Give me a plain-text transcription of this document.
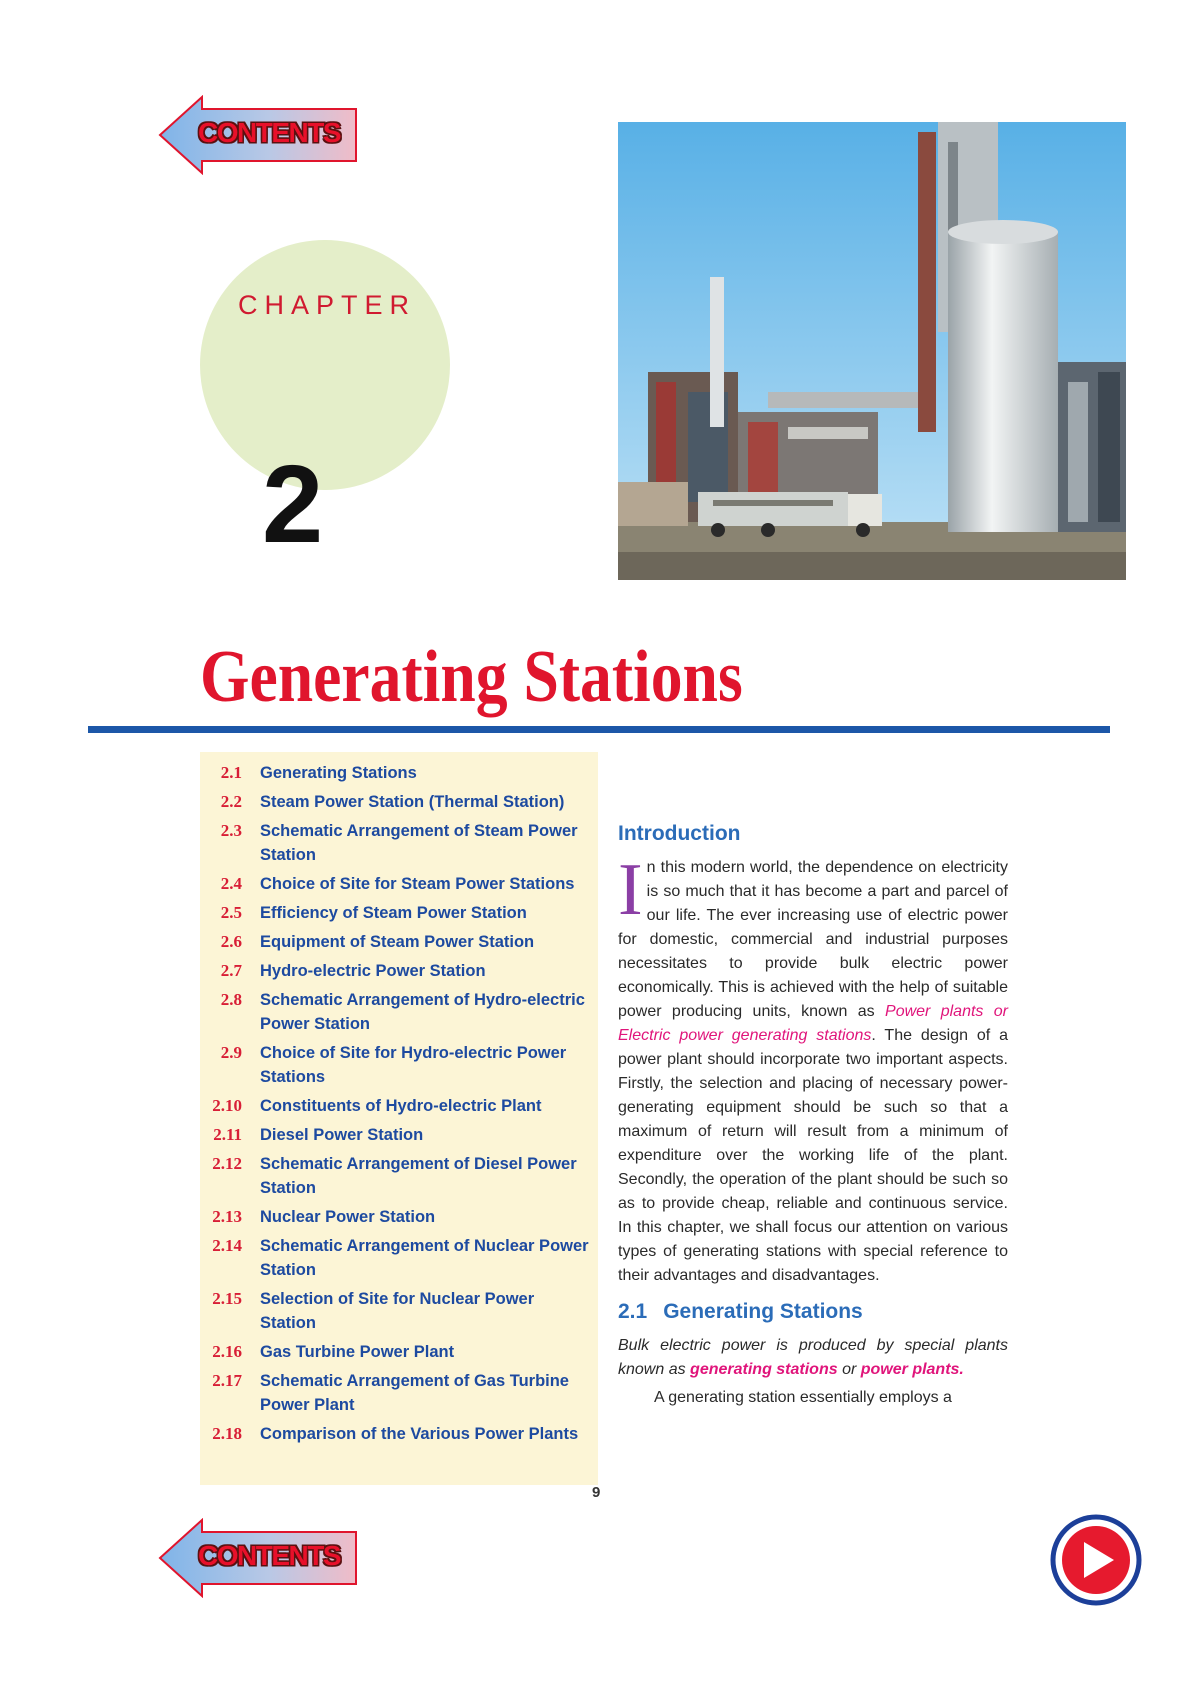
CONTENTS
CHAPTER
2
Generating Stations
2.1 Generating Stations
2.2 Steam Power Station (Thermal Station)
2.3 Schematic Arrangement of Steam Power Station
2.4 Choice of Site for Steam Power Stations
2.5 Efficiency of Steam Power Station
2.6 Equipment of Steam Power Station
2.7 Hydro-electric Power Station
2.8 Schematic Arrangement of Hydro-electric    Power Station
2.9 Choice of Site for Hydro-electric Power Stations
2.10 Constituents of Hydro-electric Plant
2.11 Diesel Power Station
2.12 Schematic Arrangement of Diesel Power Station
2.13 Nuclear Power Station
2.14 Schematic Arrangement of Nuclear Power  Station
2.15 Selection of Site for Nuclear Power Station
2.16 Gas Turbine Power Plant
2.17 Schematic Arrangement of Gas Turbine Power Plant
2.18 Comparison of the Various Power Plants
Introduction

In this modern world, the dependence on electricity is so much that it has become a part and parcel of our life. The ever increasing use of electric power for domestic, commercial and industrial purposes necessitates to provide bulk electric power economically. This is achieved with the help of suitable power producing units, known as Power plants or Electric power generating stations. The design of a power plant should incorporate two important aspects. Firstly, the selection and placing of necessary power-generating equipment should be such so that a maximum of return will result from a minimum of expenditure over the working life of the plant. Secondly, the operation of the plant should be such so as to provide cheap, reliable and continuous service. In this chapter, we shall focus our attention on various types of generating stations with special reference to their advantages and disadvantages.

2.1 Generating Stations

Bulk electric power is produced by special plants known as generating stations or power plants.

A generating station essentially employs a

9
CONTENTS
